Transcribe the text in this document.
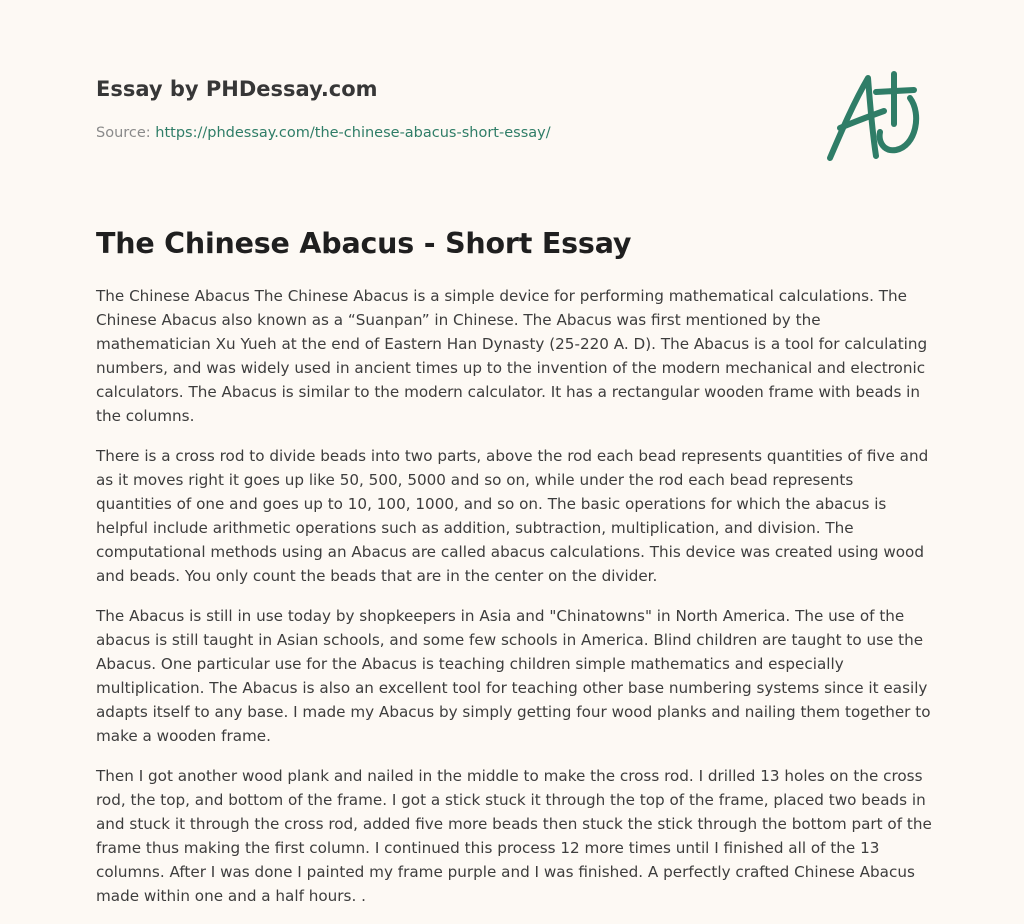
Essay by PHDessay.com
Source: https://phdessay.com/the-chinese-abacus-short-essay/
The Chinese Abacus - Short Essay

The Chinese Abacus The Chinese Abacus is a simple device for performing mathematical calculations. The Chinese Abacus also known as a “Suanpan” in Chinese. The Abacus was first mentioned by the mathematician Xu Yueh at the end of Eastern Han Dynasty (25-220 A. D). The Abacus is a tool for calculating numbers, and was widely used in ancient times up to the invention of the modern mechanical and electronic calculators. The Abacus is similar to the modern calculator. It has a rectangular wooden frame with beads in the columns.

There is a cross rod to divide beads into two parts, above the rod each bead represents quantities of five and as it moves right it goes up like 50, 500, 5000 and so on, while under the rod each bead represents quantities of one and goes up to 10, 100, 1000, and so on. The basic operations for which the abacus is helpful include arithmetic operations such as addition, subtraction, multiplication, and division. The computational methods using an Abacus are called abacus calculations. This device was created using wood and beads. You only count the beads that are in the center on the divider.

The Abacus is still in use today by shopkeepers in Asia and "Chinatowns" in North America. The use of the abacus is still taught in Asian schools, and some few schools in America. Blind children are taught to use the Abacus. One particular use for the Abacus is teaching children simple mathematics and especially multiplication. The Abacus is also an excellent tool for teaching other base numbering systems since it easily adapts itself to any base. I made my Abacus by simply getting four wood planks and nailing them together to make a wooden frame.

Then I got another wood plank and nailed in the middle to make the cross rod. I drilled 13 holes on the cross rod, the top, and bottom of the frame. I got a stick stuck it through the top of the frame, placed two beads in and stuck it through the cross rod, added five more beads then stuck the stick through the bottom part of the frame thus making the first column. I continued this process 12 more times until I finished all of the 13 columns. After I was done I painted my frame purple and I was finished. A perfectly crafted Chinese Abacus made within one and a half hours. .
